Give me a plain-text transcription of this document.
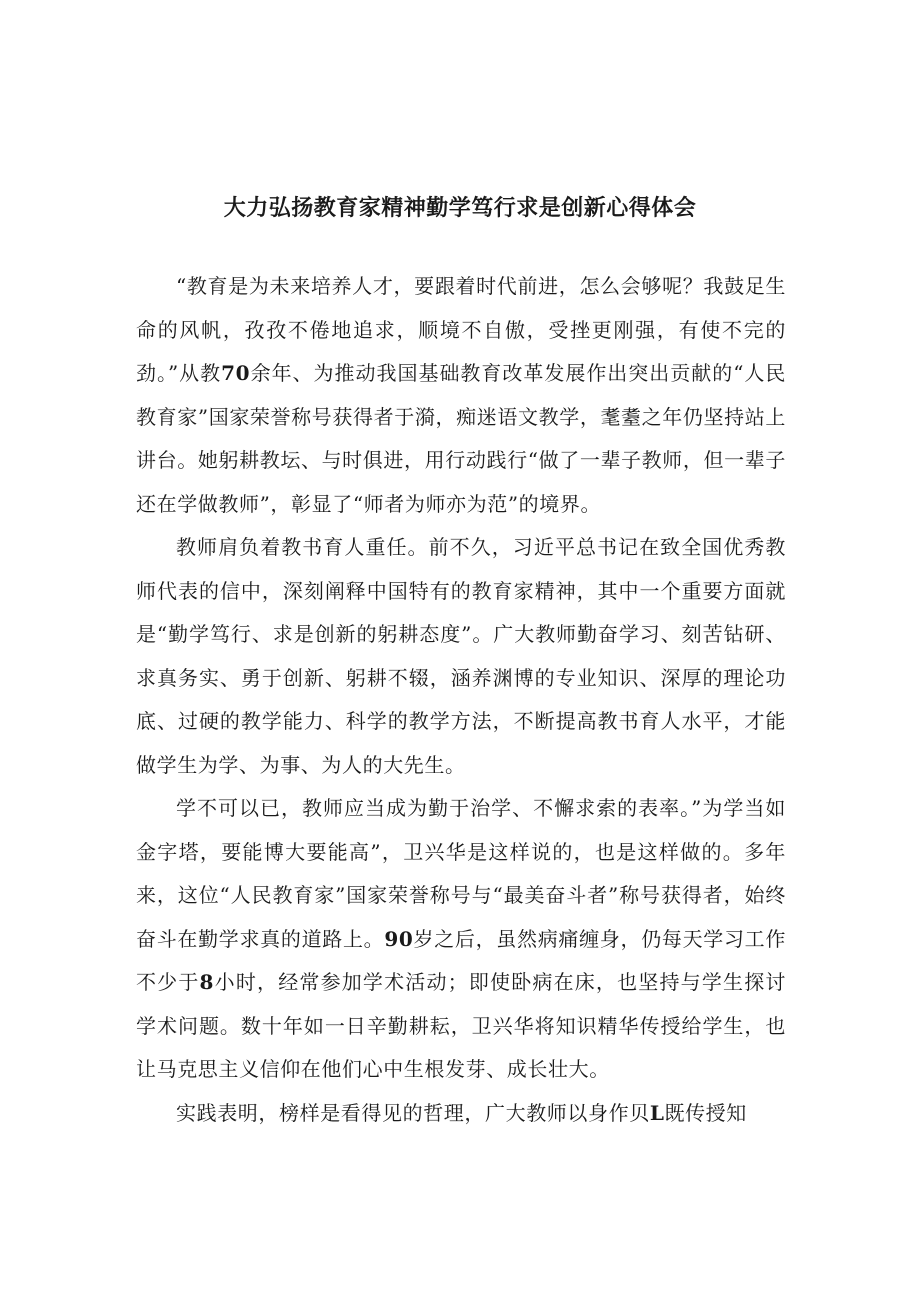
大力弘扬教育家精神勤学笃行求是创新心得体会

“教育是为未来培养人才，要跟着时代前进，怎么会够呢？我鼓足生命的风帆，孜孜不倦地追求，顺境不自傲，受挫更刚强，有使不完的劲。”从教70余年、为推动我国基础教育改革发展作出突出贡献的“人民教育家”国家荣誉称号获得者于漪，痴迷语文教学，耄耋之年仍坚持站上讲台。她躬耕教坛、与时俱进，用行动践行“做了一辈子教师，但一辈子还在学做教师”，彰显了“师者为师亦为范”的境界。

教师肩负着教书育人重任。前不久，习近平总书记在致全国优秀教师代表的信中，深刻阐释中国特有的教育家精神，其中一个重要方面就是“勤学笃行、求是创新的躬耕态度”。广大教师勤奋学习、刻苦钻研、求真务实、勇于创新、躬耕不辍，涵养渊博的专业知识、深厚的理论功底、过硬的教学能力、科学的教学方法，不断提高教书育人水平，才能做学生为学、为事、为人的大先生。

学不可以已，教师应当成为勤于治学、不懈求索的表率。”为学当如金字塔，要能博大要能高”，卫兴华是这样说的，也是这样做的。多年来，这位“人民教育家”国家荣誉称号与“最美奋斗者”称号获得者，始终奋斗在勤学求真的道路上。90岁之后，虽然病痛缠身，仍每天学习工作不少于8小时，经常参加学术活动；即使卧病在床，也坚持与学生探讨学术问题。数十年如一日辛勤耕耘，卫兴华将知识精华传授给学生，也让马克思主义信仰在他们心中生根发芽、成长壮大。

实践表明，榜样是看得见的哲理，广大教师以身作贝L既传授知
